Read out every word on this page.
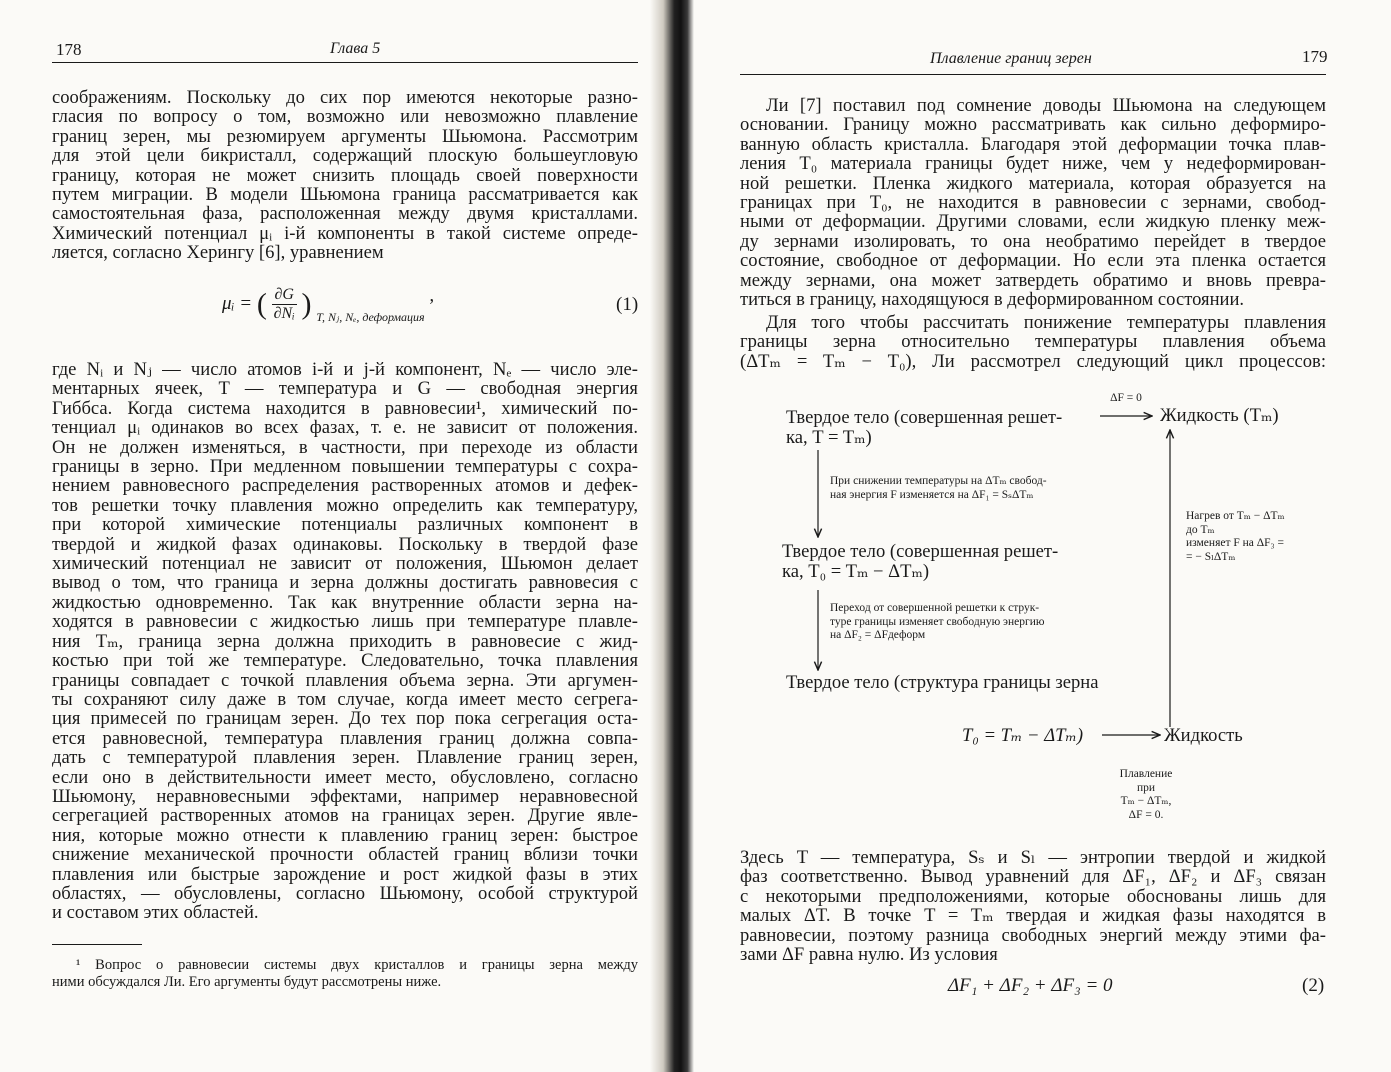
178	Глава 5

соображениям. Поскольку до сих пор имеются некоторые разно-
гласия по вопросу о том, возможно или невозможно плавление
границ зерен, мы резюмируем аргументы Шьюмона. Рассмотрим
для этой цели бикристалл, содержащий плоскую большеугловую
границу, которая не может снизить площадь своей поверхности
путем миграции. В модели Шьюмона граница рассматривается как
самостоятельная фаза, расположенная между двумя кристаллами.
Химический потенциал μᵢ i-й компоненты в такой системе опреде-
ляется, согласно Херингу [6], уравнением

μᵢ = ( $\frac{\partial G}{\text{∂Nᵢ}}$ ) $_{T, Nⱼ, N_e, деформация}$ ,	(1)

где Nᵢ и Nⱼ — число атомов i-й и j-й компонент, Nₑ — число эле-
ментарных ячеек, T — температура и G — свободная энергия
Гиббса. Когда система находится в равновесии¹, химический по-
тенциал μᵢ одинаков во всех фазах, т. е. не зависит от положения.
Он не должен изменяться, в частности, при переходе из области
границы в зерно. При медленном повышении температуры с сохра-
нением равновесного распределения растворенных атомов и дефек-
тов решетки точку плавления можно определить как температуру,
при которой химические потенциалы различных компонент в
твердой и жидкой фазах одинаковы. Поскольку в твердой фазе
химический потенциал не зависит от положения, Шьюмон делает
вывод о том, что граница и зерна должны достигать равновесия с
жидкостью одновременно. Так как внутренние области зерна на-
ходятся в равновесии с жидкостью лишь при температуре плавле-
ния Tₘ, граница зерна должна приходить в равновесие с жид-
костью при той же температуре. Следовательно, точка плавления
границы совпадает с точкой плавления объема зерна. Эти аргумен-
ты сохраняют силу даже в том случае, когда имеет место сегрега-
ция примесей по границам зерен. До тех пор пока сегрегация оста-
ется равновесной, температура плавления границ должна совпа-
дать с температурой плавления зерен. Плавление границ зерен,
если оно в действительности имеет место, обусловлено, согласно
Шьюмону, неравновесными эффектами, например неравновесной
сегрегацией растворенных атомов на границах зерен. Другие явле-
ния, которые можно отнести к плавлению границ зерен: быстрое
снижение механической прочности областей границ вблизи точки
плавления или быстрые зарождение и рост жидкой фазы в этих
областях, — обусловлены, согласно Шьюмону, особой структурой
и составом этих областей.

¹ Вопрос о равновесии системы двух кристаллов и границы зерна между
ними обсуждался Ли. Его аргументы будут рассмотрены ниже.

Плавление границ зерен	179

Ли [7] поставил под сомнение доводы Шьюмона на следующем
основании. Границу можно рассматривать как сильно деформиро-
ванную область кристалла. Благодаря этой деформации точка плав-
ления T₀ материала границы будет ниже, чем у недеформирован-
ной решетки. Пленка жидкого материала, которая образуется на
границах при T₀, не находится в равновесии с зернами, свобод-
ными от деформации. Другими словами, если жидкую пленку меж-
ду зернами изолировать, то она необратимо перейдет в твердое
состояние, свободное от деформации. Но если эта пленка остается
между зернами, она может затвердеть обратимо и вновь превра-
титься в границу, находящуюся в деформированном состоянии.

Для того чтобы рассчитать понижение температуры плавления
границы зерна относительно температуры плавления объема
(ΔTₘ = Tₘ − T₀), Ли рассмотрел следующий цикл процессов:

Твердое тело (совершенная решет-
ка, T = Tₘ)
ΔF = 0
Жидкость (Tₘ)
При снижении температуры на ΔTₘ свобод-
ная энергия F изменяется на ΔF₁ = SₛΔTₘ
Твердое тело (совершенная решет-
ка, T₀ = Tₘ − ΔTₘ)
Переход от совершенной решетки к струк-
туре границы изменяет свободную энергию
на ΔF₂ = ΔFдеформ
Твердое тело (структура границы зерна
T₀ = Tₘ − ΔTₘ)	Жидкость
Нагрев от Tₘ − ΔTₘ
до Tₘ
изменяет F на ΔF₃ =
= − SₗΔTₘ
Плавление
при
Tₘ − ΔTₘ,
ΔF = 0.

Здесь T — температура, Sₛ и Sₗ — энтропии твердой и жидкой
фаз соответственно. Вывод уравнений для ΔF₁, ΔF₂ и ΔF₃ связан
с некоторыми предположениями, которые обоснованы лишь для
малых ΔT. В точке T = Tₘ твердая и жидкая фазы находятся в
равновесии, поэтому разница свободных энергий между этими фа-
зами ΔF равна нулю. Из условия

ΔF₁ + ΔF₂ + ΔF₃ = 0	(2)
